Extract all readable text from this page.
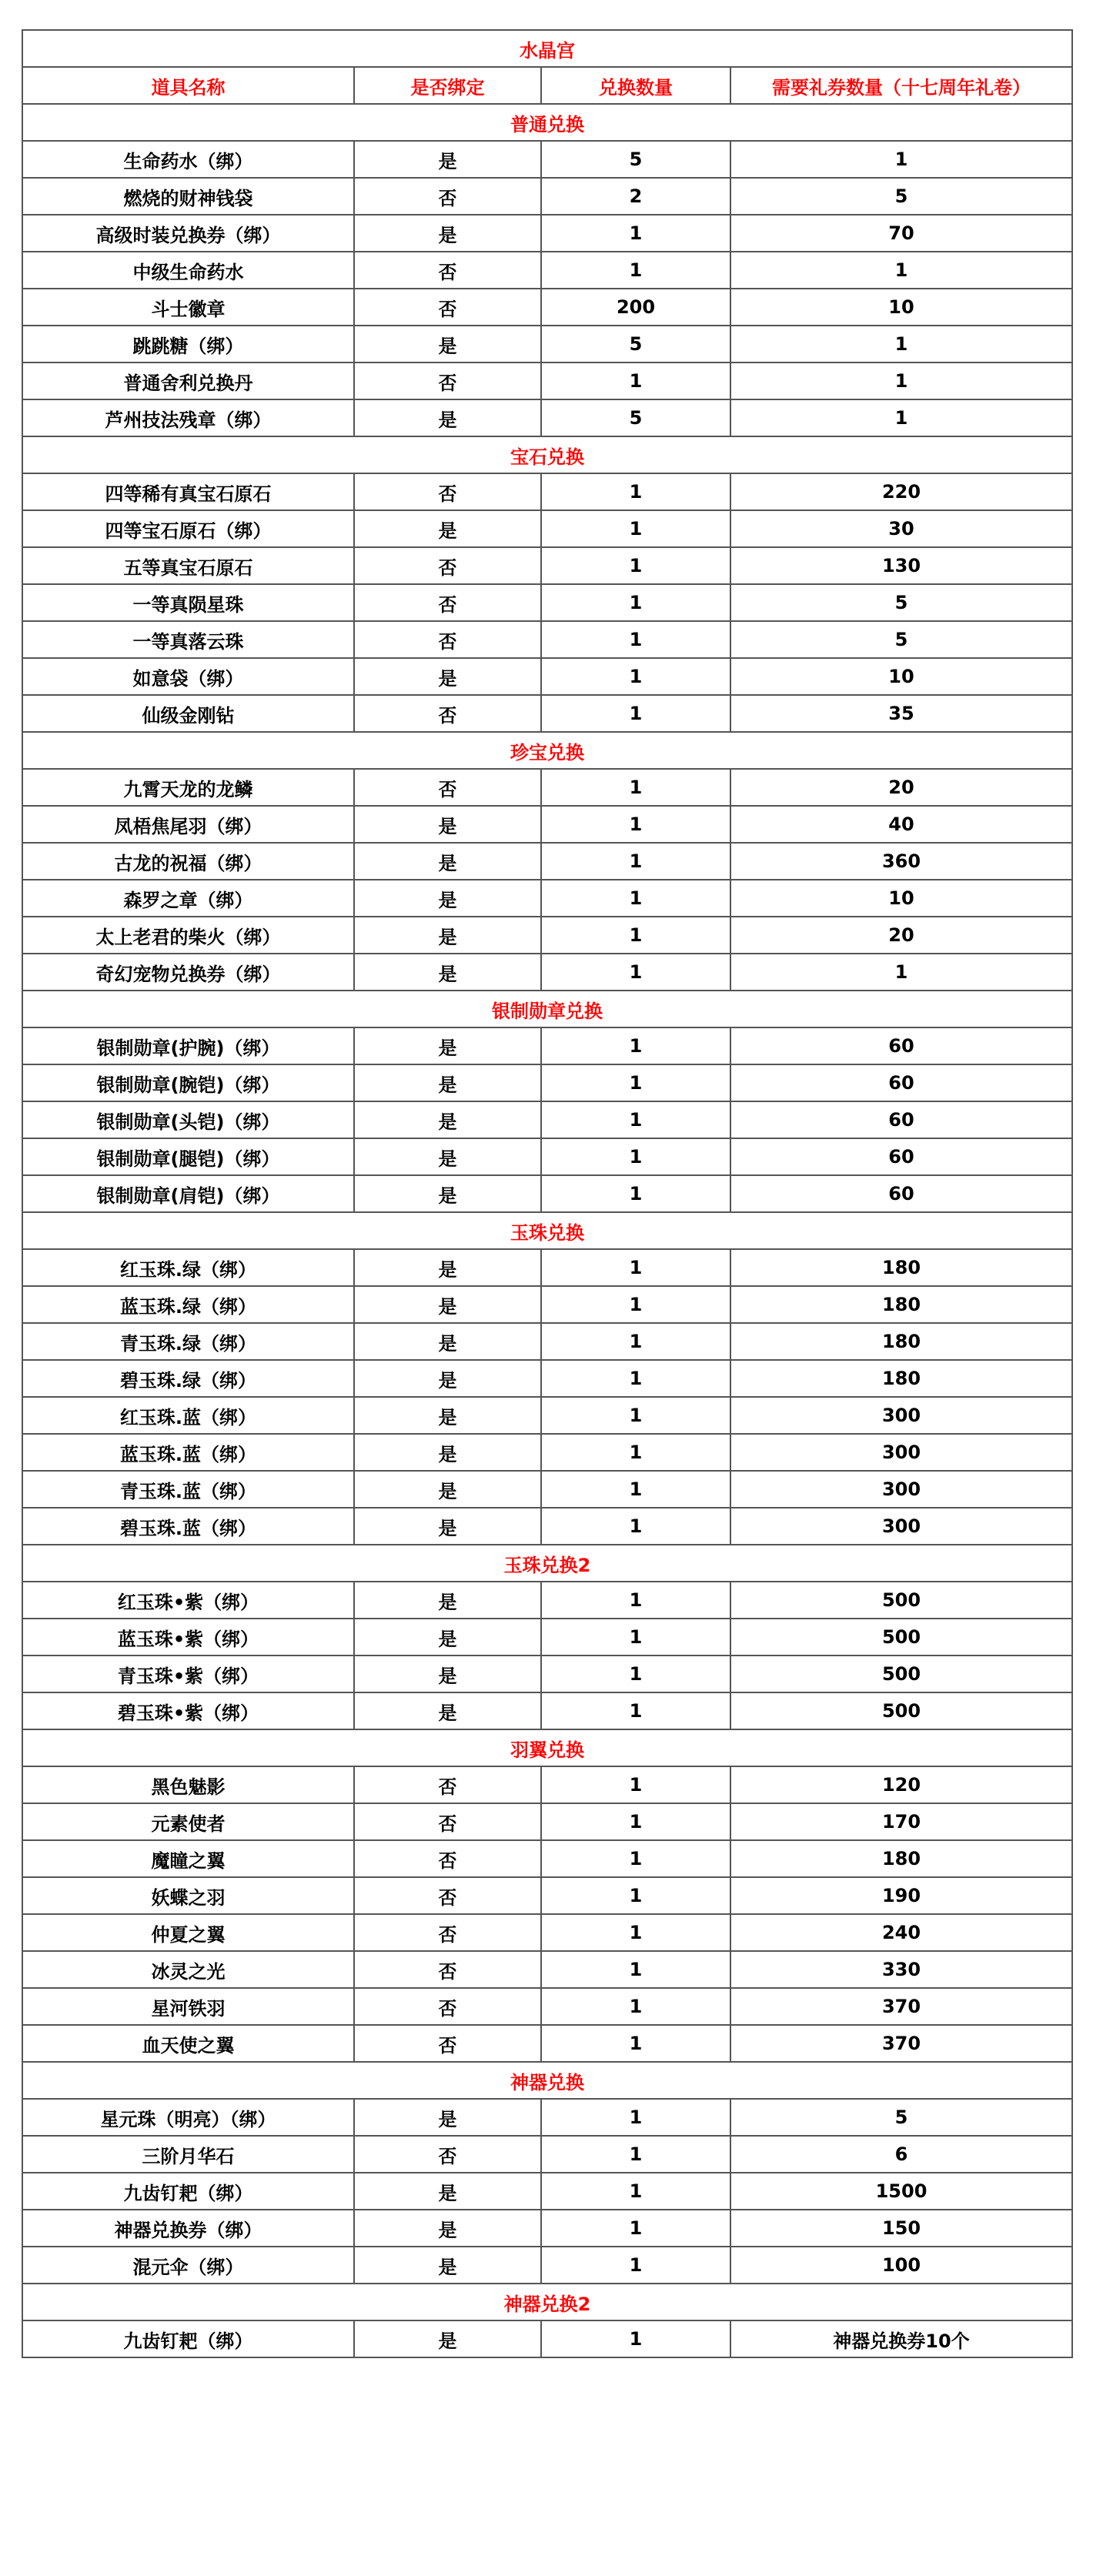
水晶宫			
道具名称	是否绑定	兑换数量	需要礼券数量（十七周年礼卷）
普通兑换			
生命药水（绑）	是	5	1
燃烧的财神钱袋	否	2	5
高级时装兑换券（绑）	是	1	70
中级生命药水	否	1	1
斗士徽章	否	200	10
跳跳糖（绑）	是	5	1
普通舍利兑换丹	否	1	1
芦州技法残章（绑）	是	5	1
宝石兑换			
四等稀有真宝石原石	否	1	220
四等宝石原石（绑）	是	1	30
五等真宝石原石	否	1	130
一等真陨星珠	否	1	5
一等真落云珠	否	1	5
如意袋（绑）	是	1	10
仙级金刚钻	否	1	35
珍宝兑换			
九霄天龙的龙鳞	否	1	20
凤梧焦尾羽（绑）	是	1	40
古龙的祝福（绑）	是	1	360
森罗之章（绑）	是	1	10
太上老君的柴火（绑）	是	1	20
奇幻宠物兑换券（绑）	是	1	1
银制勋章兑换			
银制勋章(护腕)（绑）	是	1	60
银制勋章(腕铠)（绑）	是	1	60
银制勋章(头铠)（绑）	是	1	60
银制勋章(腿铠)（绑）	是	1	60
银制勋章(肩铠)（绑）	是	1	60
玉珠兑换			
红玉珠.绿（绑）	是	1	180
蓝玉珠.绿（绑）	是	1	180
青玉珠.绿（绑）	是	1	180
碧玉珠.绿（绑）	是	1	180
红玉珠.蓝（绑）	是	1	300
蓝玉珠.蓝（绑）	是	1	300
青玉珠.蓝（绑）	是	1	300
碧玉珠.蓝（绑）	是	1	300
玉珠兑换2			
红玉珠•紫（绑）	是	1	500
蓝玉珠•紫（绑）	是	1	500
青玉珠•紫（绑）	是	1	500
碧玉珠•紫（绑）	是	1	500
羽翼兑换			
黑色魅影	否	1	120
元素使者	否	1	170
魔瞳之翼	否	1	180
妖蝶之羽	否	1	190
仲夏之翼	否	1	240
冰灵之光	否	1	330
星河铁羽	否	1	370
血天使之翼	否	1	370
神器兑换			
星元珠（明亮）（绑）	是	1	5
三阶月华石	否	1	6
九齿钉耙（绑）	是	1	1500
神器兑换券（绑）	是	1	150
混元伞（绑）	是	1	100
神器兑换2			
九齿钉耙（绑）	是	1	神器兑换券10个
